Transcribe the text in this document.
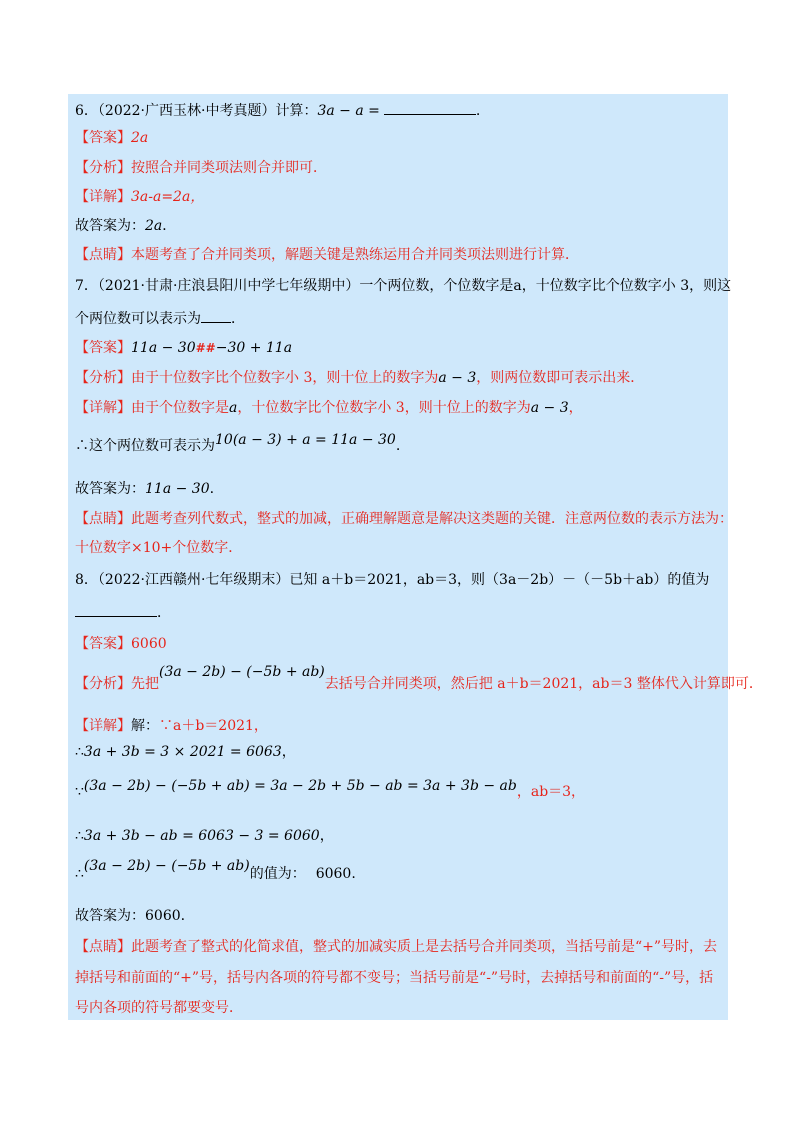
6．（2022·广西玉林·中考真题）计算：3a − a =	.
【答案】2a
【分析】按照合并同类项法则合并即可．
【详解】3a-a=2a，
故答案为：2a．
【点睛】本题考查了合并同类项，解题关键是熟练运用合并同类项法则进行计算．
7．（2021·甘肃·庄浪县阳川中学七年级期中）一个两位数，个位数字是a，十位数字比个位数字小 3，则这
个两位数可以表示为 ．
【答案】11a − 30##−30 + 11a
【分析】由于十位数字比个位数字小 3，则十位上的数字为a − 3，则两位数即可表示出来．
【详解】由于个位数字是a，十位数字比个位数字小 3，则十位上的数字为a − 3，
∴这个两位数可表示为10(a − 3) + a = 11a − 30.
故答案为：11a − 30.
【点睛】此题考查列代数式，整式的加减，正确理解题意是解决这类题的关键．注意两位数的表示方法为：
十位数字×10+个位数字．
8．（2022·江西赣州·七年级期末）已知 a＋b＝2021，ab＝3，则（3a－2b）－（－5b＋ab）的值为
．
【答案】6060
【分析】先把(3a − 2b) − (−5b + ab)去括号合并同类项，然后把 a＋b＝2021，ab＝3 整体代入计算即可．
【详解】解：∵a＋b＝2021，
∴3a + 3b = 3 × 2021 = 6063，
∵(3a − 2b) − (−5b + ab) = 3a − 2b + 5b − ab = 3a + 3b − ab，ab＝3，
∴3a + 3b − ab = 6063 − 3 = 6060，
∴(3a − 2b) − (−5b + ab)的值为： 6060.
故答案为：6060.
【点睛】此题考查了整式的化简求值，整式的加减实质上是去括号合并同类项，当括号前是“+”号时，去
掉括号和前面的“+”号，括号内各项的符号都不变号；当括号前是“-”号时，去掉括号和前面的“-”号，括
号内各项的符号都要变号．
